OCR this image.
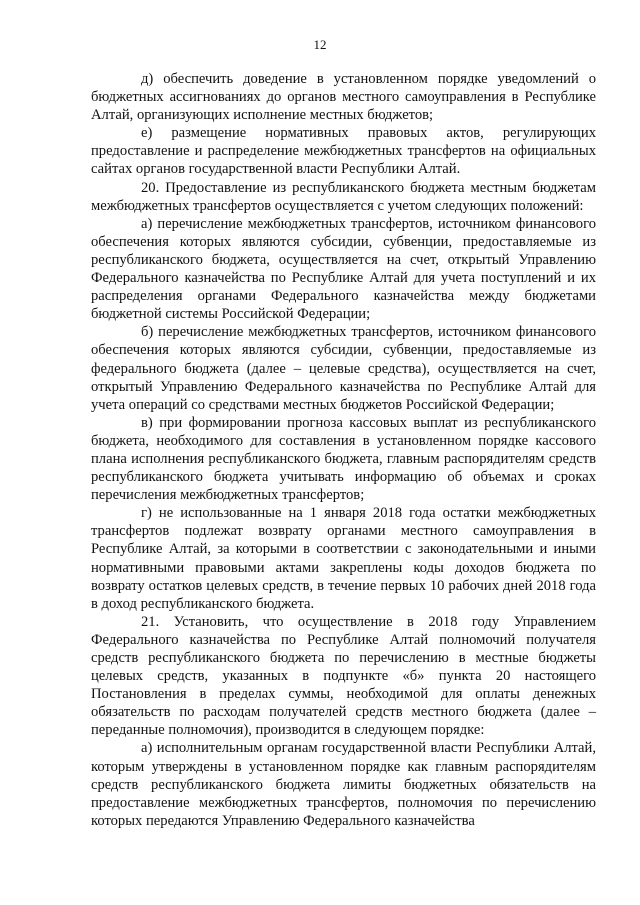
12

д) обеспечить доведение в установленном порядке уведомлений о бюджетных ассигнованиях до органов местного самоуправления в Республике Алтай, организующих исполнение местных бюджетов;

е) размещение нормативных правовых актов, регулирующих предоставление и распределение межбюджетных трансфертов на официальных сайтах органов государственной власти Республики Алтай.

20. Предоставление из республиканского бюджета местным бюджетам межбюджетных трансфертов осуществляется с учетом следующих положений:

а) перечисление межбюджетных трансфертов, источником финансового обеспечения которых являются субсидии, субвенции, предоставляемые из республиканского бюджета, осуществляется на счет, открытый Управлению Федерального казначейства по Республике Алтай для учета поступлений и их распределения органами Федерального казначейства между бюджетами бюджетной системы Российской Федерации;

б) перечисление межбюджетных трансфертов, источником финансового обеспечения которых являются субсидии, субвенции, предоставляемые из федерального бюджета (далее – целевые средства), осуществляется на счет, открытый Управлению Федерального казначейства по Республике Алтай для учета операций со средствами местных бюджетов Российской Федерации;

в) при формировании прогноза кассовых выплат из республиканского бюджета, необходимого для составления в установленном порядке кассового плана исполнения республиканского бюджета, главным распорядителям средств республиканского бюджета учитывать информацию об объемах и сроках перечисления межбюджетных трансфертов;

г) не использованные на 1 января 2018 года остатки межбюджетных трансфертов подлежат возврату органами местного самоуправления в Республике Алтай, за которыми в соответствии с законодательными и иными нормативными правовыми актами закреплены коды доходов бюджета по возврату остатков целевых средств, в течение первых 10 рабочих дней 2018 года в доход республиканского бюджета.

21. Установить, что осуществление в 2018 году Управлением Федерального казначейства по Республике Алтай полномочий получателя средств республиканского бюджета по перечислению в местные бюджеты целевых средств, указанных в подпункте «б» пункта 20 настоящего Постановления в пределах суммы, необходимой для оплаты денежных обязательств по расходам получателей средств местного бюджета (далее – переданные полномочия), производится в следующем порядке:

а) исполнительным органам государственной власти Республики Алтай, которым утверждены в установленном порядке как главным распорядителям средств республиканского бюджета лимиты бюджетных обязательств на предоставление межбюджетных трансфертов, полномочия по перечислению которых передаются Управлению Федерального казначейства
